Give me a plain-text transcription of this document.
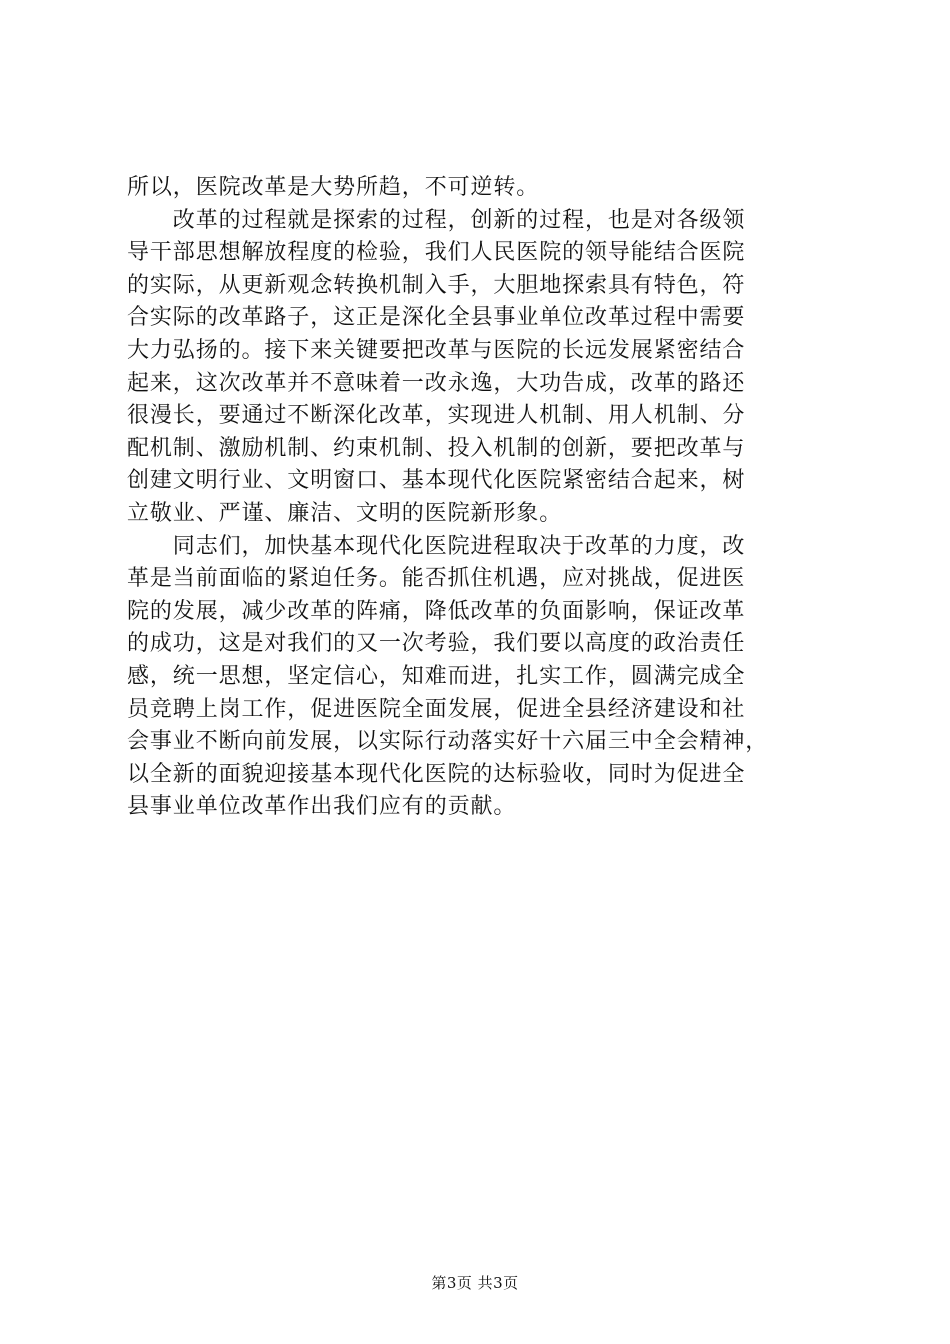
所以，医院改革是大势所趋，不可逆转。
　　改革的过程就是探索的过程，创新的过程，也是对各级领
导干部思想解放程度的检验，我们人民医院的领导能结合医院
的实际，从更新观念转换机制入手，大胆地探索具有特色，符
合实际的改革路子，这正是深化全县事业单位改革过程中需要
大力弘扬的。接下来关键要把改革与医院的长远发展紧密结合
起来，这次改革并不意味着一改永逸，大功告成，改革的路还
很漫长，要通过不断深化改革，实现进人机制、用人机制、分
配机制、激励机制、约束机制、投入机制的创新，要把改革与
创建文明行业、文明窗口、基本现代化医院紧密结合起来，树
立敬业、严谨、廉洁、文明的医院新形象。
　　同志们，加快基本现代化医院进程取决于改革的力度，改
革是当前面临的紧迫任务。能否抓住机遇，应对挑战，促进医
院的发展，减少改革的阵痛，降低改革的负面影响，保证改革
的成功，这是对我们的又一次考验，我们要以高度的政治责任
感，统一思想，坚定信心，知难而进，扎实工作，圆满完成全
员竞聘上岗工作，促进医院全面发展，促进全县经济建设和社
会事业不断向前发展，以实际行动落实好十六届三中全会精神，
以全新的面貌迎接基本现代化医院的达标验收，同时为促进全
县事业单位改革作出我们应有的贡献。
第3页 共3页
